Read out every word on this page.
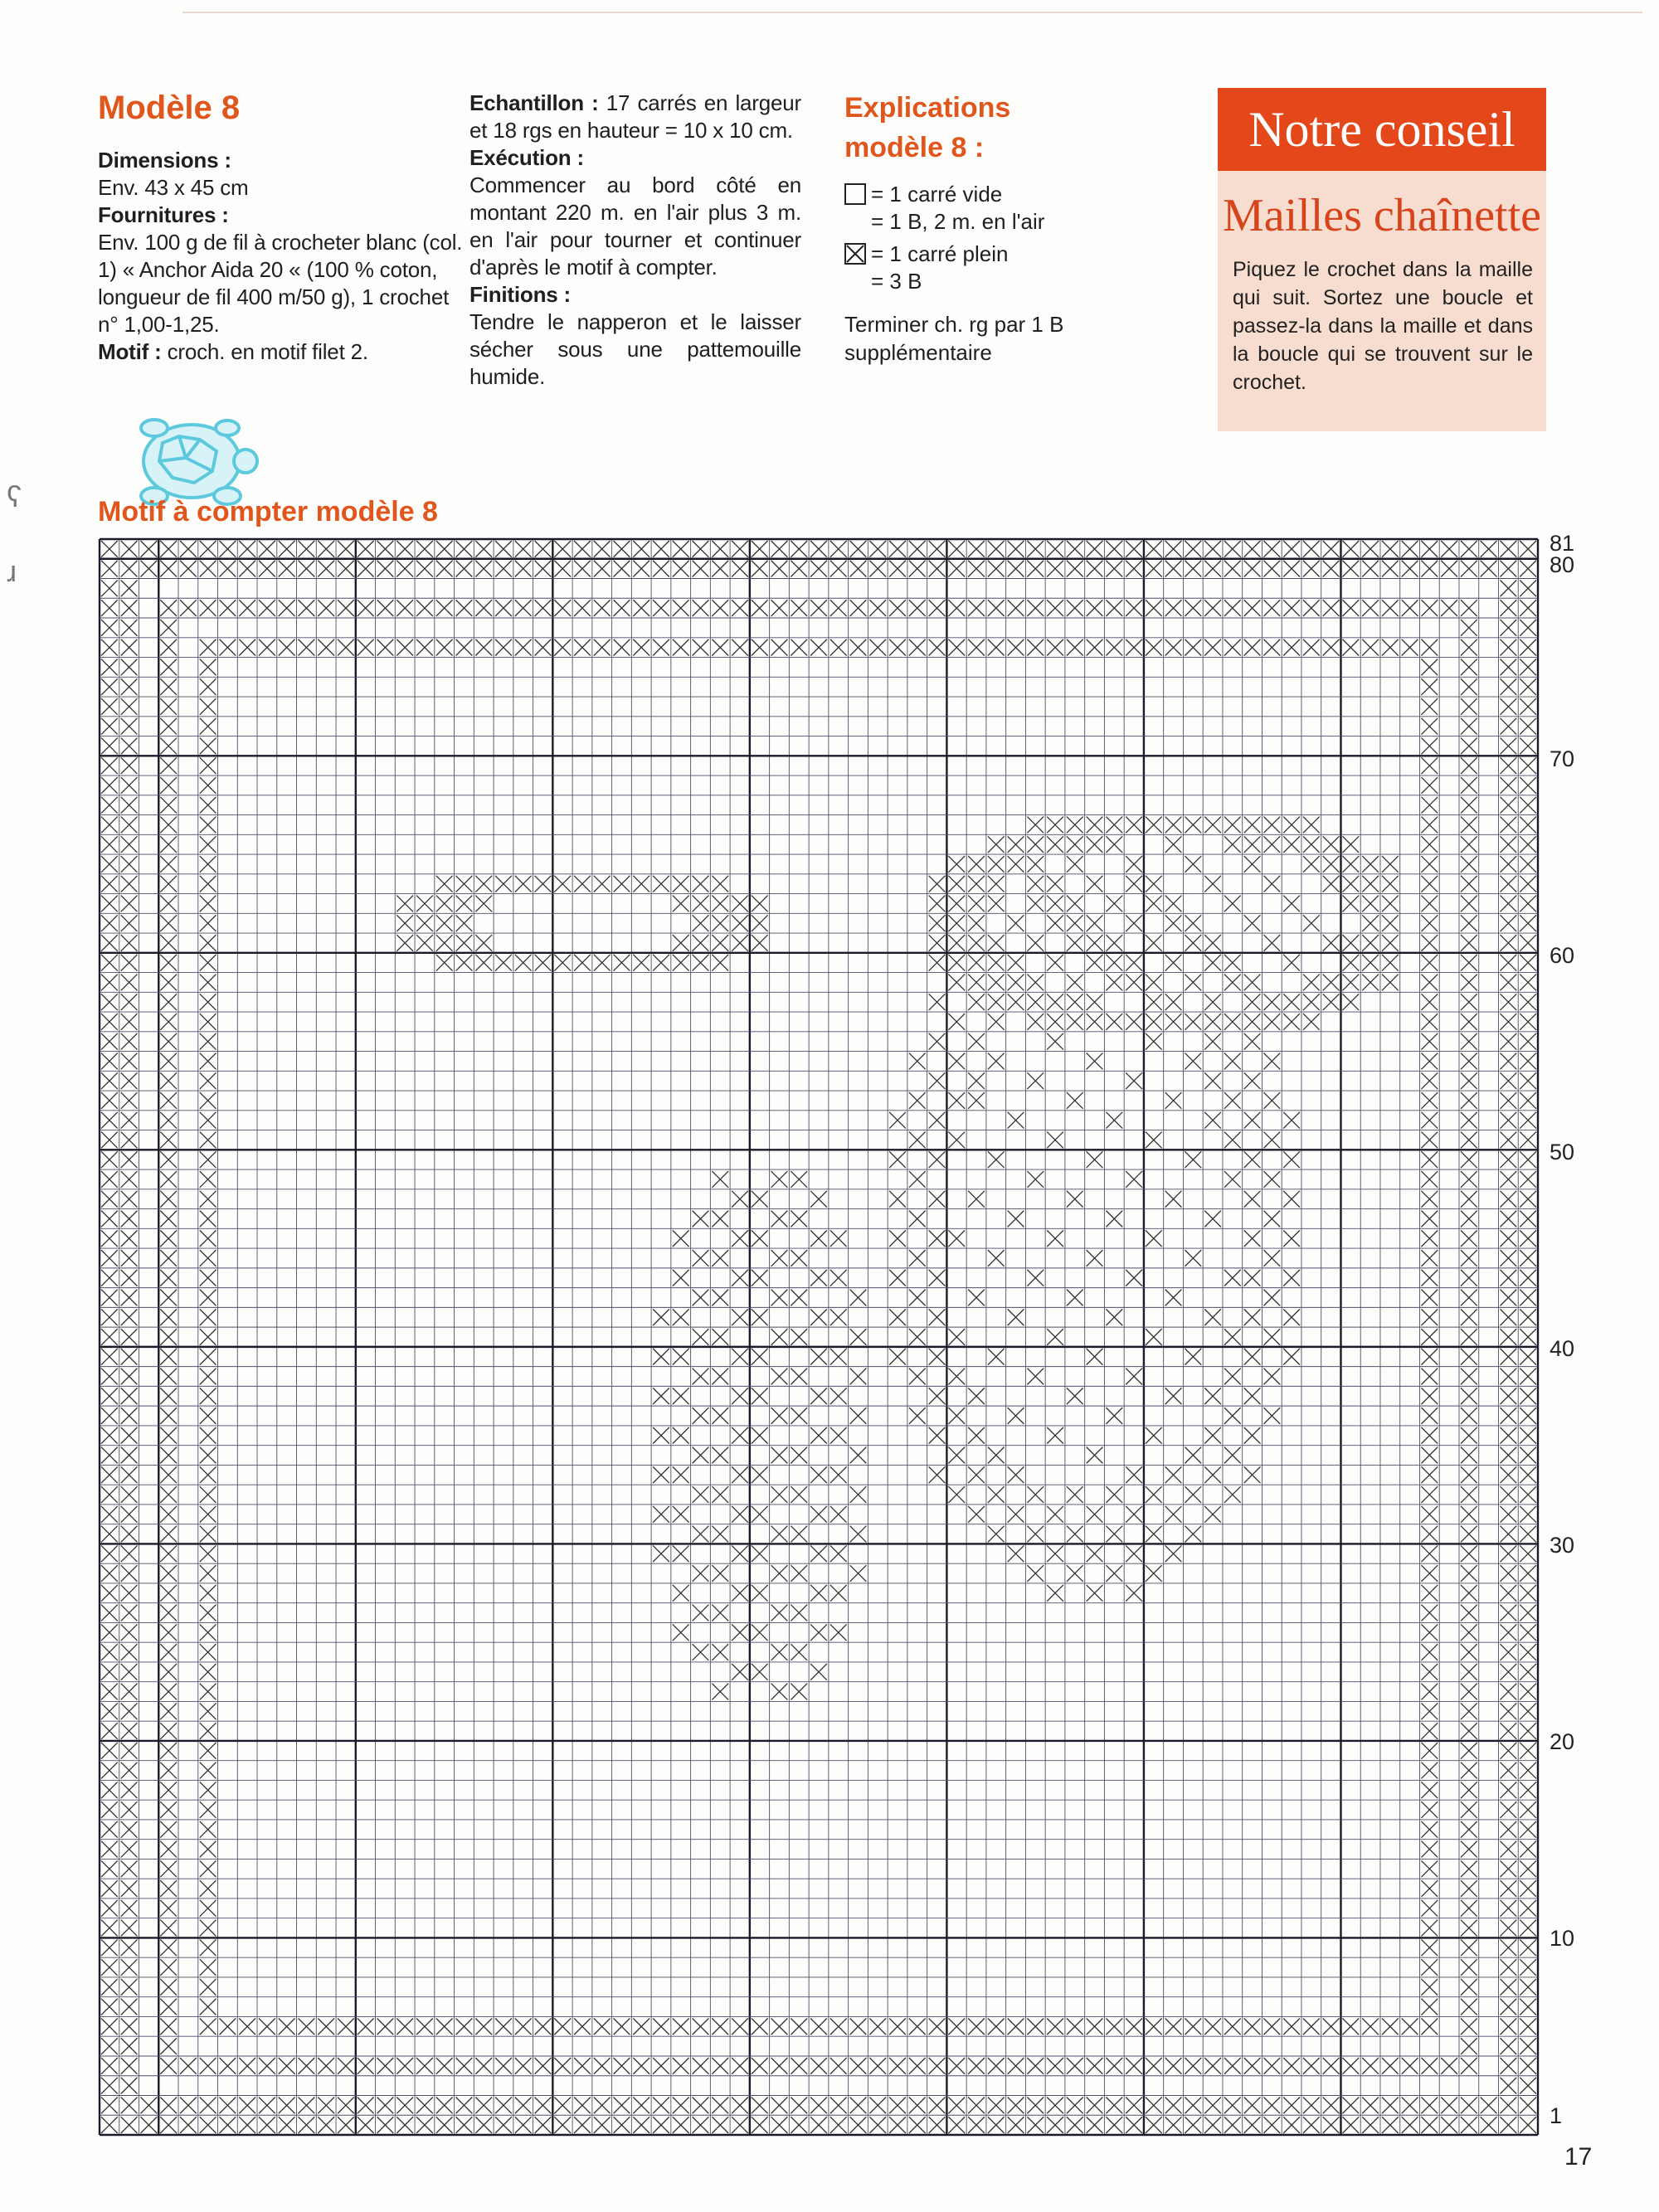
Modèle 8
Dimensions :
Env. 43 x 45 cm
Fournitures :
Env. 100 g de fil à crocheter blanc (col. 1) « Anchor Aida 20 « (100 % coton, longueur de fil 400 m/50 g), 1 crochet n° 1,00-1,25.
Motif : croch. en motif filet 2.
Echantillon : 17 carrés en largeur et 18 rgs en hauteur = 10 x 10 cm.
Exécution :
Commencer au bord côté en montant 220 m. en l'air plus 3 m. en l'air pour tourner et continuer d'après le motif à compter.
Finitions :
Tendre le napperon et le laisser sécher sous une pattemouille humide.
Explications
modèle 8 :
= 1 carré vide
= 1 B, 2 m. en l'air
= 1 carré plein
= 3 B
Terminer ch. rg par 1 B supplémentaire
Notre conseil
Mailles chaînette
Piquez le crochet dans la maille qui suit. Sortez une boucle et passez-la dans la maille et dans la boucle qui se trouvent sur le crochet.
Motif à compter modèle 8
81
80
70
60
50
40
30
20
10
1
17
ʕ
ɹ
